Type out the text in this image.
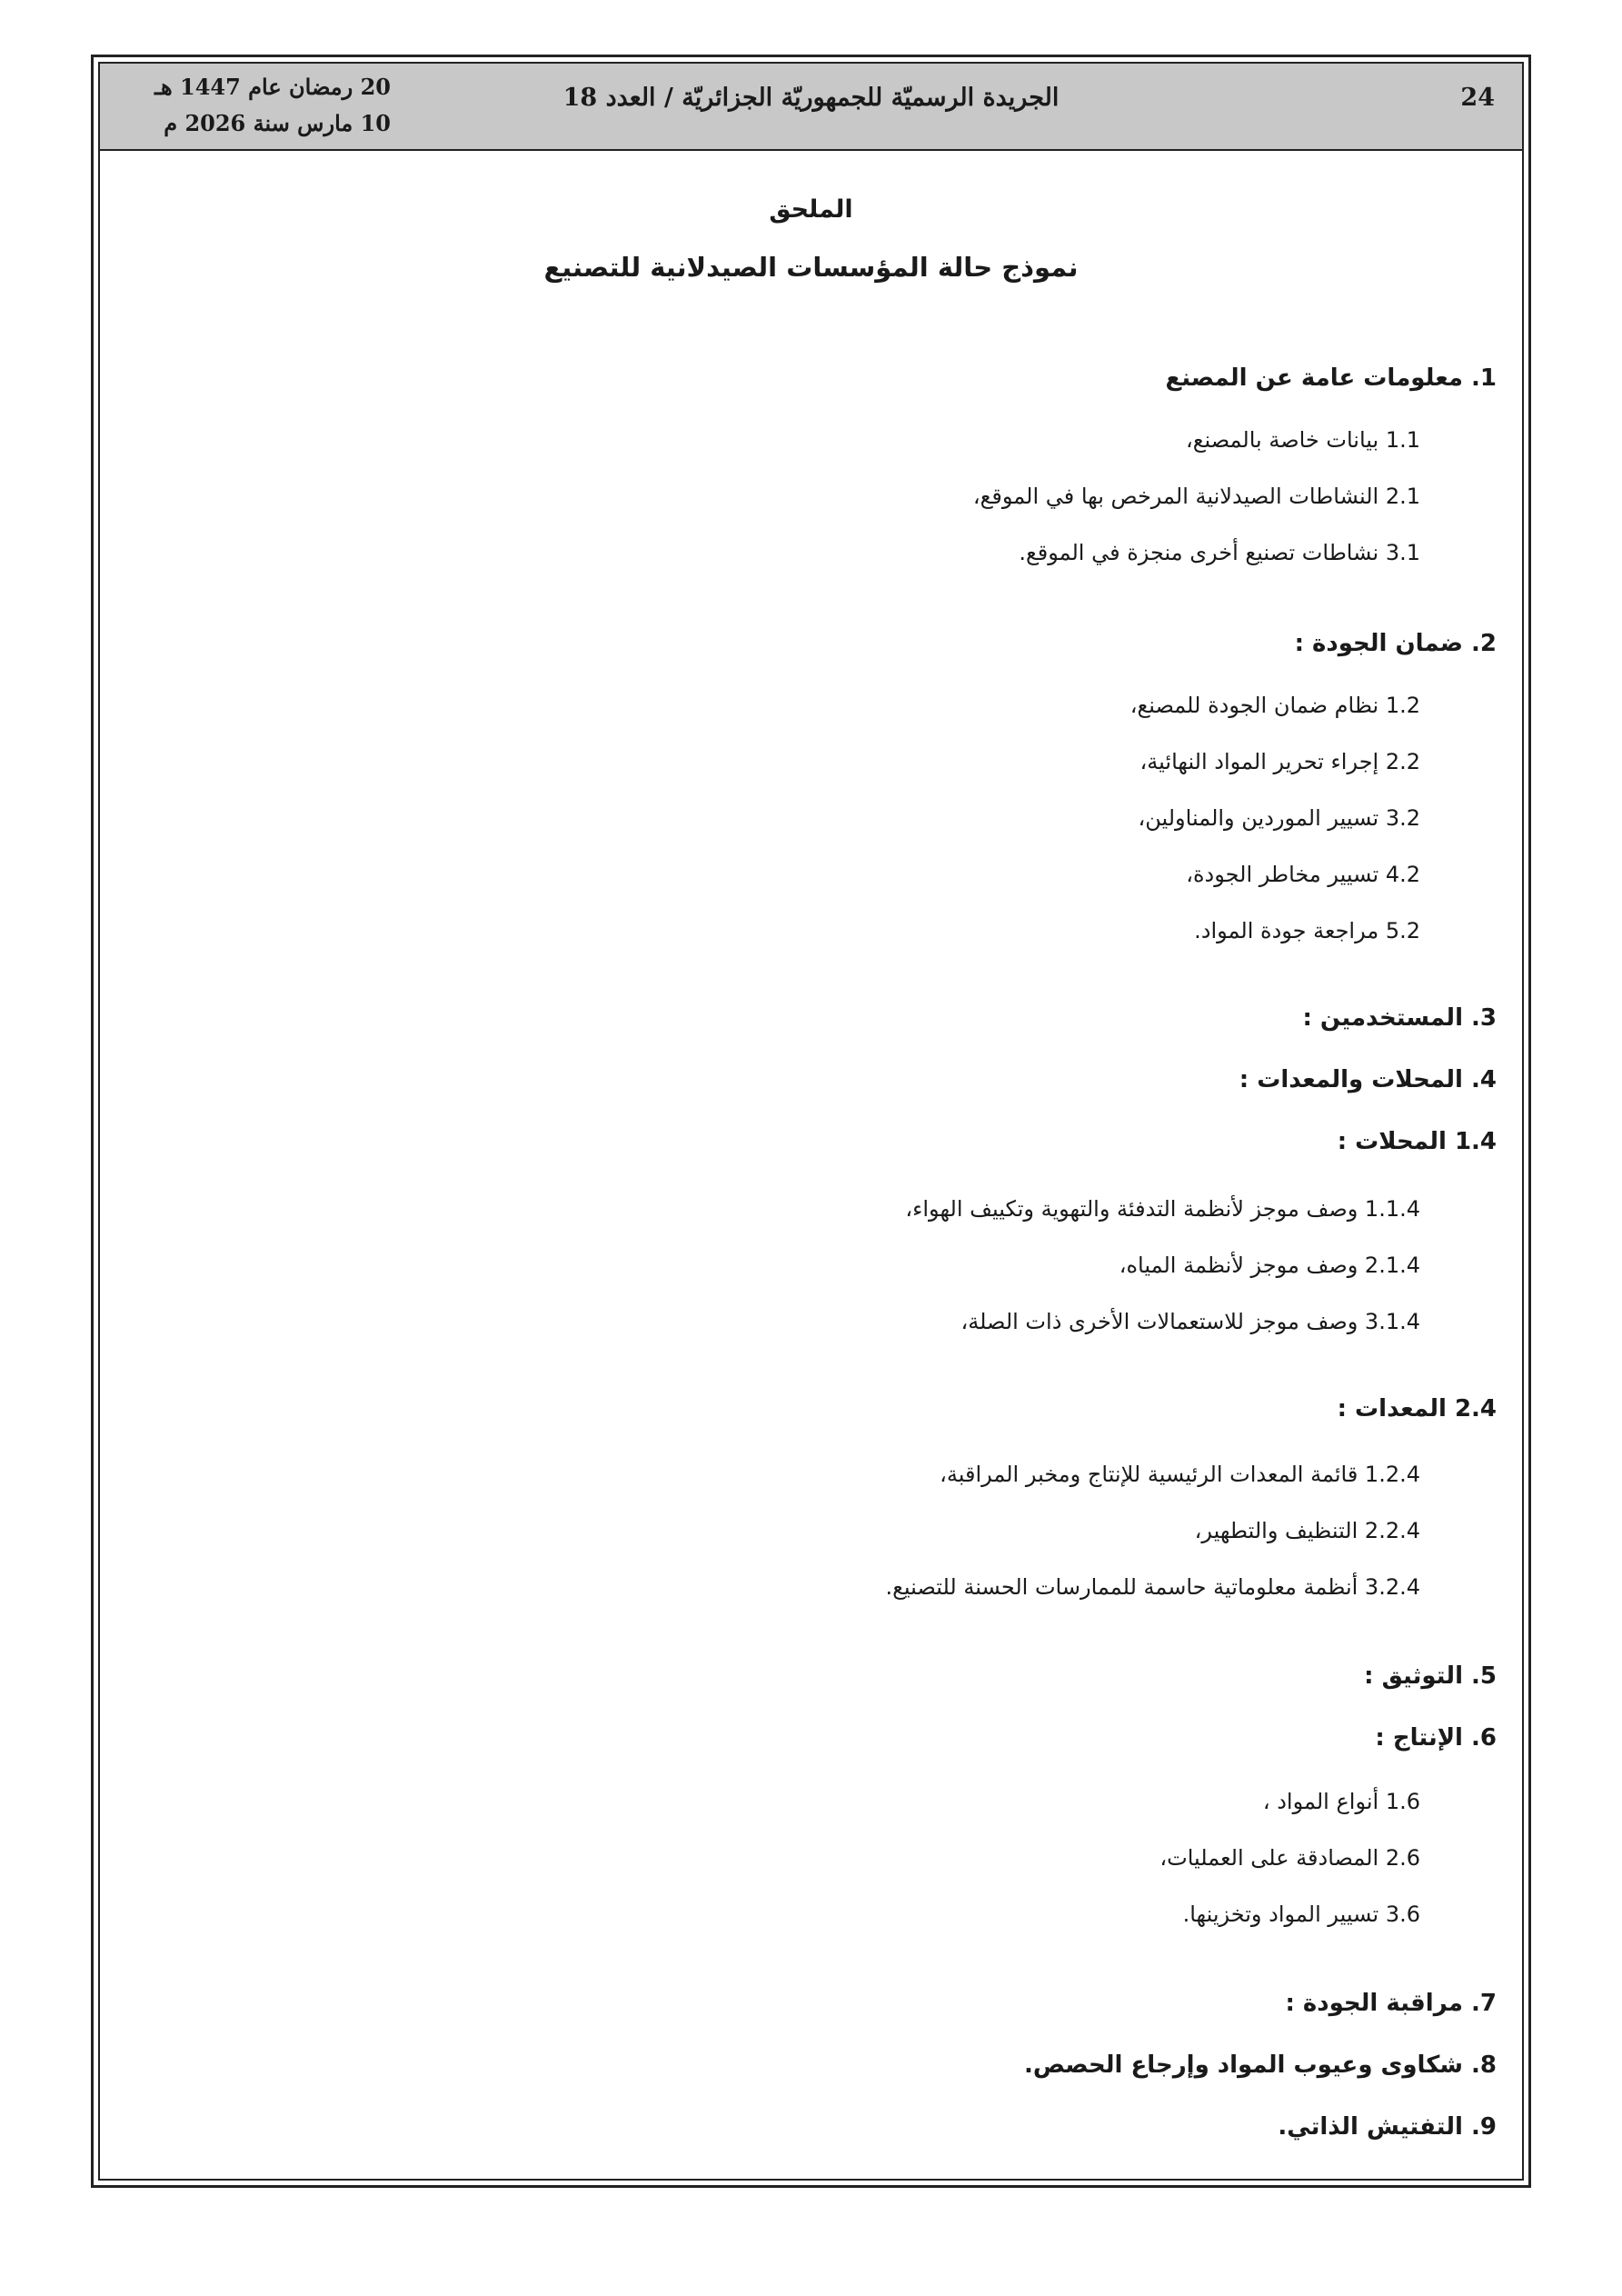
20 رمضان عام 1447 هـ
10 مارس سنة 2026 م
الجريدة الرسميّة للجمهوريّة الجزائريّة / العدد 18	24
الملحق
نموذج حالة المؤسسات الصيدلانية للتصنيع
1. معلومات عامة عن المصنع
1.1 بيانات خاصة بالمصنع،
2.1 النشاطات الصيدلانية المرخص بها في الموقع،
3.1 نشاطات تصنيع أخرى منجزة في الموقع.
2. ضمان الجودة :
1.2 نظام ضمان الجودة للمصنع،
2.2 إجراء تحرير المواد النهائية،
3.2 تسيير الموردين والمناولين،
4.2 تسيير مخاطر الجودة،
5.2 مراجعة جودة المواد.
3. المستخدمين :
4. المحلات والمعدات :
1.4 المحلات :
1.1.4 وصف موجز لأنظمة التدفئة والتهوية وتكييف الهواء،
2.1.4 وصف موجز لأنظمة المياه،
3.1.4 وصف موجز للاستعمالات الأخرى ذات الصلة،
2.4 المعدات :
1.2.4 قائمة المعدات الرئيسية للإنتاج ومخبر المراقبة،
2.2.4 التنظيف والتطهير،
3.2.4 أنظمة معلوماتية حاسمة للممارسات الحسنة للتصنيع.
5. التوثيق :
6. الإنتاج :
1.6 أنواع المواد ،
2.6 المصادقة على العمليات،
3.6 تسيير المواد وتخزينها.
7. مراقبة الجودة :
8. شكاوى وعيوب المواد وإرجاع الحصص.
9. التفتيش الذاتي.
